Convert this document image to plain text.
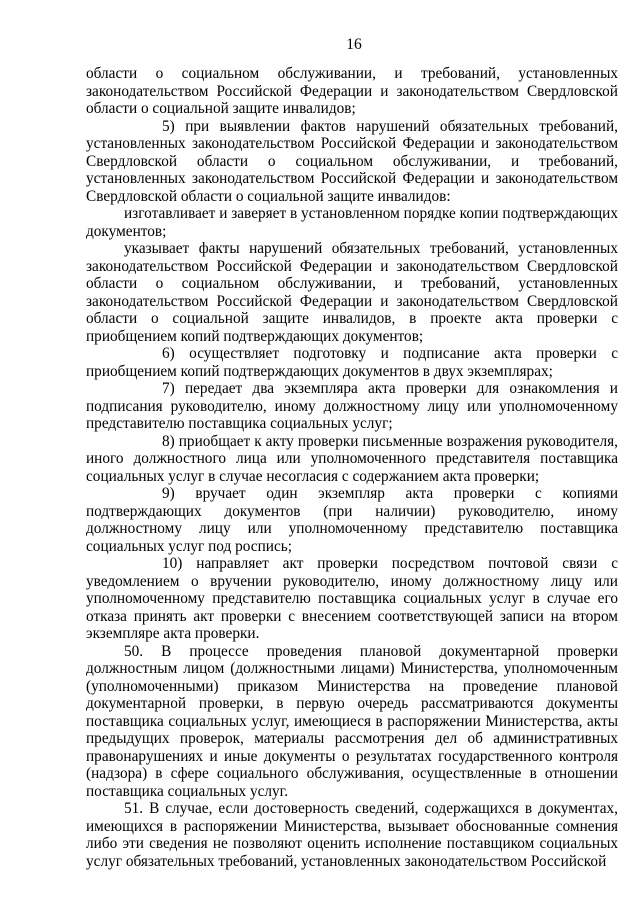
16

области о социальном обслуживании, и требований, установленных законодательством Российской Федерации и законодательством Свердловской области о социальной защите инвалидов;

5) при выявлении фактов нарушений обязательных требований, установленных законодательством Российской Федерации и законодательством Свердловской области о социальном обслуживании, и требований, установленных законодательством Российской Федерации и законодательством Свердловской области о социальной защите инвалидов:

изготавливает и заверяет в установленном порядке копии подтверждающих документов;

указывает факты нарушений обязательных требований, установленных законодательством Российской Федерации и законодательством Свердловской области о социальном обслуживании, и требований, установленных законодательством Российской Федерации и законодательством Свердловской области о социальной защите инвалидов, в проекте акта проверки с приобщением копий подтверждающих документов;

6) осуществляет подготовку и подписание акта проверки с приобщением копий подтверждающих документов в двух экземплярах;

7) передает два экземпляра акта проверки для ознакомления и подписания руководителю, иному должностному лицу или уполномоченному представителю поставщика социальных услуг;

8) приобщает к акту проверки письменные возражения руководителя, иного должностного лица или уполномоченного представителя поставщика социальных услуг в случае несогласия с содержанием акта проверки;

9) вручает один экземпляр акта проверки с копиями подтверждающих документов (при наличии) руководителю, иному должностному лицу или уполномоченному представителю поставщика социальных услуг под роспись;

10) направляет акт проверки посредством почтовой связи с уведомлением о вручении руководителю, иному должностному лицу или уполномоченному представителю поставщика социальных услуг в случае его отказа принять акт проверки с внесением соответствующей записи на втором экземпляре акта проверки.

50. В процессе проведения плановой документарной проверки должностным лицом (должностными лицами) Министерства, уполномоченным (уполномоченными) приказом Министерства на проведение плановой документарной проверки, в первую очередь рассматриваются документы поставщика социальных услуг, имеющиеся в распоряжении Министерства, акты предыдущих проверок, материалы рассмотрения дел об административных правонарушениях и иные документы о результатах государственного контроля (надзора) в сфере социального обслуживания, осуществленные в отношении поставщика социальных услуг.

51. В случае, если достоверность сведений, содержащихся в документах, имеющихся в распоряжении Министерства, вызывает обоснованные сомнения либо эти сведения не позволяют оценить исполнение поставщиком социальных услуг обязательных требований, установленных законодательством Российской
